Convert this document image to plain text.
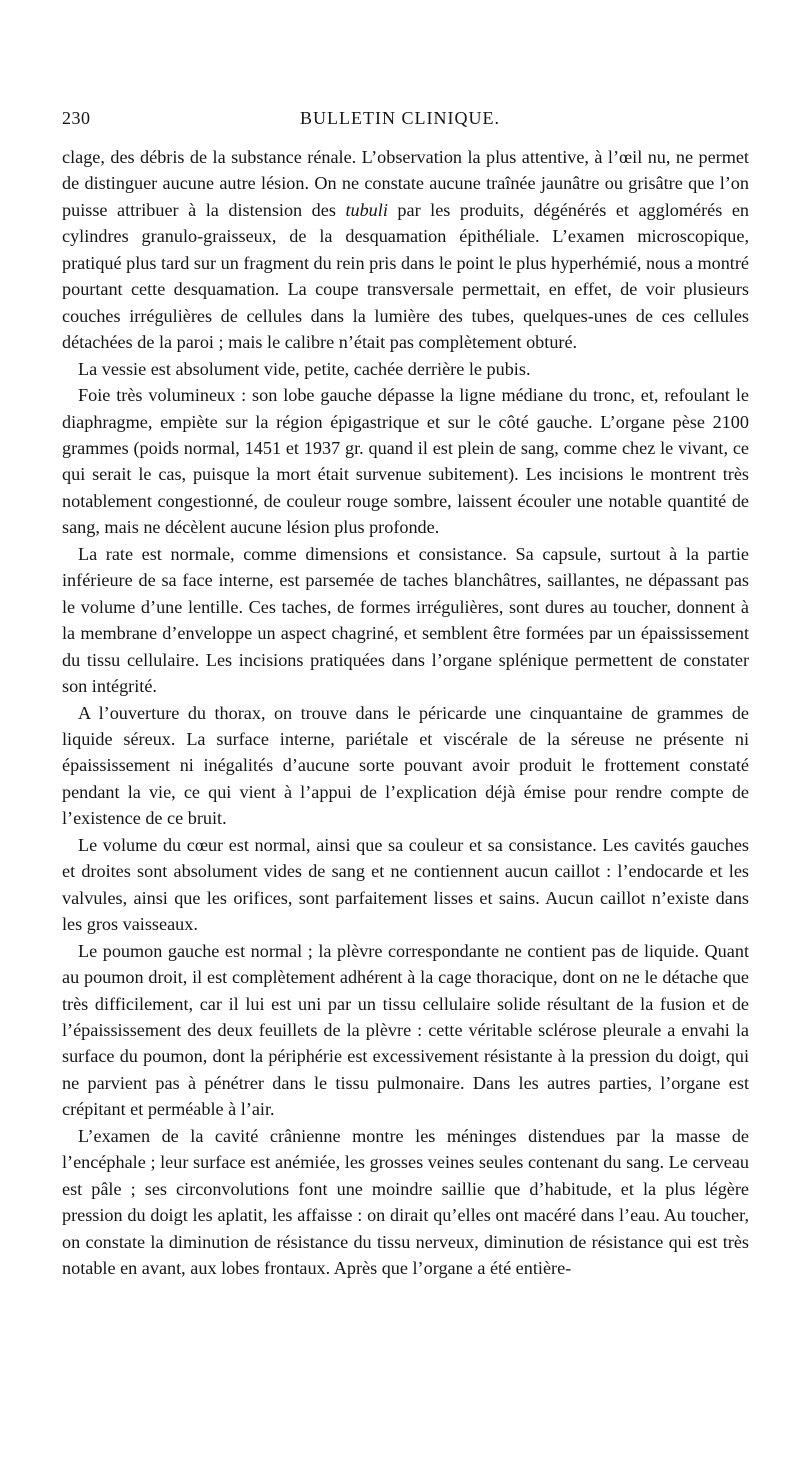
230	BULLETIN CLINIQUE.

clage, des débris de la substance rénale. L’observation la plus attentive, à l’œil nu, ne permet de distinguer aucune autre lésion. On ne constate aucune traînée jaunâtre ou grisâtre que l’on puisse attribuer à la distension des tubuli par les produits, dégénérés et agglomérés en cylindres granulo-graisseux, de la desquamation épithéliale. L’examen microscopique, pratiqué plus tard sur un fragment du rein pris dans le point le plus hyperhémié, nous a montré pourtant cette desquamation. La coupe transversale permettait, en effet, de voir plusieurs couches irrégulières de cellules dans la lumière des tubes, quelques-unes de ces cellules détachées de la paroi ; mais le calibre n’était pas complètement obturé.

La vessie est absolument vide, petite, cachée derrière le pubis.

Foie très volumineux : son lobe gauche dépasse la ligne médiane du tronc, et, refoulant le diaphragme, empiète sur la région épigastrique et sur le côté gauche. L’organe pèse 2100 grammes (poids normal, 1451 et 1937 gr. quand il est plein de sang, comme chez le vivant, ce qui serait le cas, puisque la mort était survenue subitement). Les incisions le montrent très notablement congestionné, de couleur rouge sombre, laissent écouler une notable quantité de sang, mais ne décèlent aucune lésion plus profonde.

La rate est normale, comme dimensions et consistance. Sa capsule, surtout à la partie inférieure de sa face interne, est parsemée de taches blanchâtres, saillantes, ne dépassant pas le volume d’une lentille. Ces taches, de formes irrégulières, sont dures au toucher, donnent à la membrane d’enveloppe un aspect chagriné, et semblent être formées par un épaississement du tissu cellulaire. Les incisions pratiquées dans l’organe splénique permettent de constater son intégrité.

A l’ouverture du thorax, on trouve dans le péricarde une cinquantaine de grammes de liquide séreux. La surface interne, pariétale et viscérale de la séreuse ne présente ni épaississement ni inégalités d’aucune sorte pouvant avoir produit le frottement constaté pendant la vie, ce qui vient à l’appui de l’explication déjà émise pour rendre compte de l’existence de ce bruit.

Le volume du cœur est normal, ainsi que sa couleur et sa consistance. Les cavités gauches et droites sont absolument vides de sang et ne contiennent aucun caillot : l’endocarde et les valvules, ainsi que les orifices, sont parfaitement lisses et sains. Aucun caillot n’existe dans les gros vaisseaux.

Le poumon gauche est normal ; la plèvre correspondante ne contient pas de liquide. Quant au poumon droit, il est complètement adhérent à la cage thoracique, dont on ne le détache que très difficilement, car il lui est uni par un tissu cellulaire solide résultant de la fusion et de l’épaississement des deux feuillets de la plèvre : cette véritable sclérose pleurale a envahi la surface du poumon, dont la périphérie est excessivement résistante à la pression du doigt, qui ne parvient pas à pénétrer dans le tissu pulmonaire. Dans les autres parties, l’organe est crépitant et perméable à l’air.

L’examen de la cavité crânienne montre les méninges distendues par la masse de l’encéphale ; leur surface est anémiée, les grosses veines seules contenant du sang. Le cerveau est pâle ; ses circonvolutions font une moindre saillie que d’habitude, et la plus légère pression du doigt les aplatit, les affaisse : on dirait qu’elles ont macéré dans l’eau. Au toucher, on constate la diminution de résistance du tissu nerveux, diminution de résistance qui est très notable en avant, aux lobes frontaux. Après que l’organe a été entière-
